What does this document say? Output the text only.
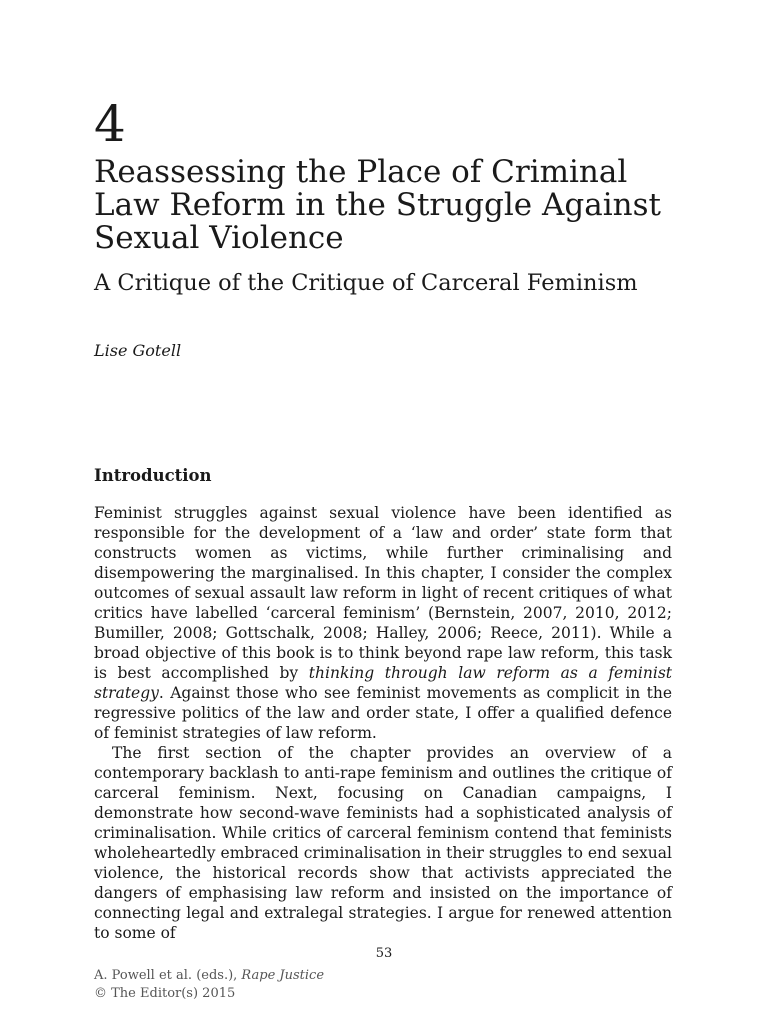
4
Reassessing the Place of Criminal Law Reform in the Struggle Against Sexual Violence
A Critique of the Critique of Carceral Feminism
Lise Gotell
Introduction

Feminist struggles against sexual violence have been identified as responsible for the development of a ‘law and order’ state form that constructs women as victims, while further criminalising and disempowering the marginalised. In this chapter, I consider the complex outcomes of sexual assault law reform in light of recent critiques of what critics have labelled ‘carceral feminism’ (Bernstein, 2007, 2010, 2012; Bumiller, 2008; Gottschalk, 2008; Halley, 2006; Reece, 2011). While a broad objective of this book is to think beyond rape law reform, this task is best accomplished by thinking through law reform as a feminist strategy. Against those who see feminist movements as complicit in the regressive politics of the law and order state, I offer a qualified defence of feminist strategies of law reform.

The first section of the chapter provides an overview of a contemporary backlash to anti-rape feminism and outlines the critique of carceral feminism. Next, focusing on Canadian campaigns, I demonstrate how second-wave feminists had a sophisticated analysis of criminalisation. While critics of carceral feminism contend that feminists wholeheartedly embraced criminalisation in their struggles to end sexual violence, the historical records show that activists appreciated the dangers of emphasising law reform and insisted on the importance of connecting legal and extralegal strategies. I argue for renewed attention to some of

53
A. Powell et al. (eds.), Rape Justice
© The Editor(s) 2015
